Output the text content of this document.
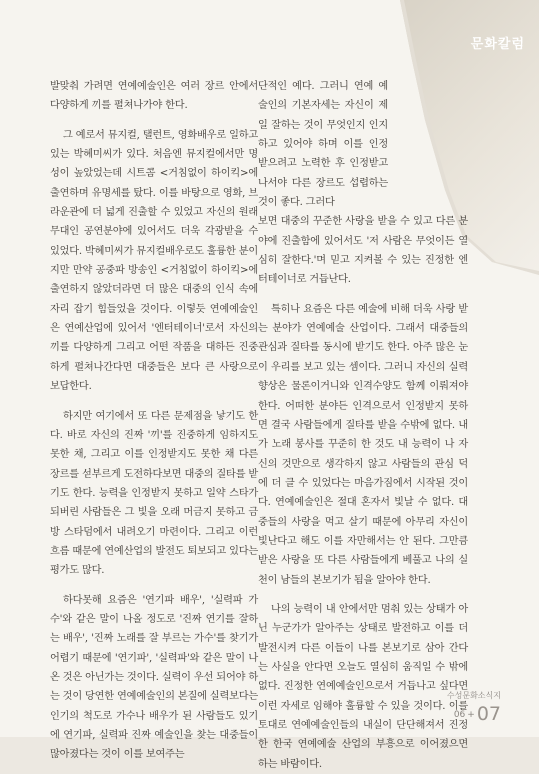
문화칼럼

발맞춰 가려면 연예예술인은 여러 장르 안에서 다양하게 끼를 펼쳐나가야 한다.

그 예로서 뮤지컬, 탤런트, 영화배우로 일하고 있는 박혜미씨가 있다. 처음엔 뮤지컬에서만 명성이 높았었는데 시트콤 <거침없이 하이킥>에 출연하며 유명세를 탔다. 이를 바탕으로 영화, 브라운관에 더 넓게 진출할 수 있었고 자신의 원래 무대인 공연분야에 있어서도 더욱 각광받을 수 있었다. 박혜미씨가 뮤지컬배우로도 훌륭한 분이지만 만약 공중파 방송인 <거침없이 하이킥>에 출연하지 않았더라면 더 많은 대중의 인식 속에 자리 잡기 힘들었을 것이다. 이렇듯 연예예술인은 연예산업에 있어서 '엔터테이너'로서 자신의 끼를 다양하게 그리고 어떤 작품을 대하든 진중하게 펼쳐나간다면 대중들은 보다 큰 사랑으로 보답한다.

하지만 여기에서 또 다른 문제점을 낳기도 한다. 바로 자신의 진짜 '끼'를 진중하게 임하지도 못한 채, 그리고 이를 인정받지도 못한 채 다른 장르를 섣부르게 도전하다보면 대중의 질타를 받기도 한다. 능력을 인정받지 못하고 일약 스타가 되버린 사람들은 그 빛을 오래 머금지 못하고 금방 스타덤에서 내려오기 마련이다. 그리고 이런 흐름 때문에 연예산업의 발전도 퇴보되고 있다는 평가도 많다.

하다못해 요즘은 '연기파 배우', '실력파 가수'와 같은 말이 나올 정도로 '진짜 연기를 잘하는 배우', '진짜 노래를 잘 부르는 가수'를 찾기가 어렵기 때문에 '연기파', '실력파'와 같은 말이 나온 것은 아닌가는 것이다. 실력이 우선 되어야 하는 것이 당연한 연예예술인의 본질에 실력보다는 인기의 척도로 가수나 배우가 된 사람들도 있기에 연기파, 실력파 진짜 예술인을 찾는 대중들이 많아졌다는 것이 이를 보여주는

단적인 예다. 그러니 연예 예술인의 기본자세는 자신이 제일 잘하는 것이 무엇인지 인지하고 있어야 하며 이를 인정 받으려고 노력한 후 인정받고 나서야 다른 장르도 섭렵하는 것이 좋다. 그러다

보면 대중의 꾸준한 사랑을 받을 수 있고 다른 분야에 진출함에 있어서도 '저 사람은 무엇이든 열심히 잘한다.'며 믿고 지켜볼 수 있는 진정한 엔터테이너로 거듭난다.

특히나 요즘은 다른 예술에 비해 더욱 사랑 받는 분야가 연예예술 산업이다. 그래서 대중들의 관심과 질타를 동시에 받기도 한다. 아주 많은 눈이 우리를 보고 있는 셈이다. 그러니 자신의 실력향상은 물론이거니와 인격수양도 함께 이뤄져야 한다. 어떠한 분야든 인격으로서 인정받지 못하면 결국 사람들에게 질타를 받을 수밖에 없다. 내가 노래 봉사를 꾸준히 한 것도 내 능력이 나 자신의 것만으로 생각하지 않고 사람들의 관심 덕에 더 클 수 있었다는 마음가짐에서 시작된 것이다. 연예예술인은 절대 혼자서 빛날 수 없다. 대중들의 사랑을 먹고 살기 때문에 아무리 자신이 빛난다고 해도 이를 자만해서는 안 된다. 그만큼 받은 사랑을 또 다른 사람들에게 베풀고 나의 실천이 남들의 본보기가 됨을 알아야 한다.

나의 능력이 내 안에서만 멈춰 있는 상태가 아닌 누군가가 알아주는 상태로 발전하고 이를 더 발전시켜 다른 이들이 나를 본보기로 삼아 간다는 사실을 안다면 오늘도 열심히 움직일 수 밖에 없다. 진정한 연예예술인으로서 거듭나고 싶다면 이런 자세로 임해야 훌륭할 수 있을 것이다. 이를 토대로 연예예술인들의 내실이 단단해져서 진정한 한국 연예예술 산업의 부흥으로 이어졌으면 하는 바람이다.

수성문화소식지
06 + 07
